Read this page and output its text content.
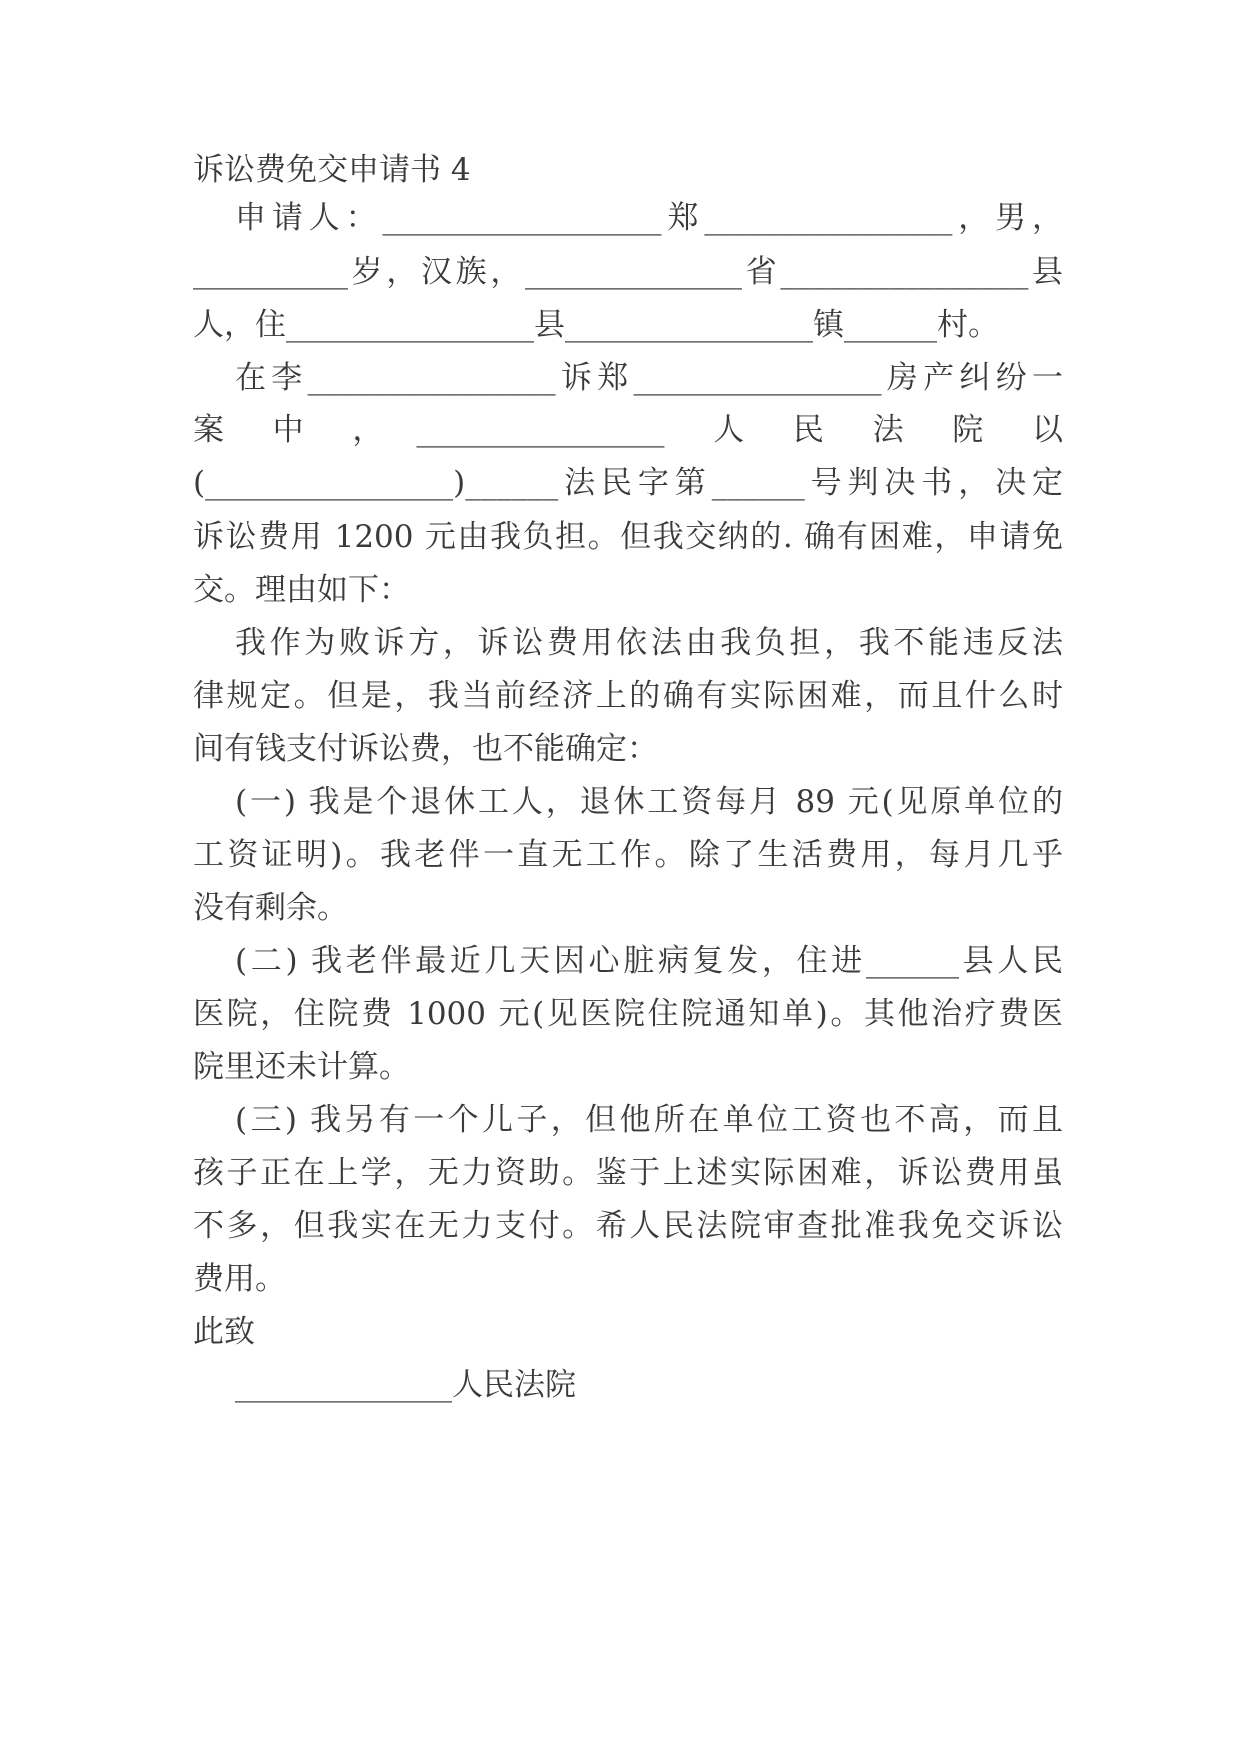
诉讼费免交申请书 4
申请人：__________________郑________________，男，
__________岁，汉族，______________省________________县
人，住________________县________________镇______村。
在李________________诉郑________________房产纠纷一
案　中　，　________________　人　民　法　院　以
(________________)______法民字第______号判决书，决定
诉讼费用 1200 元由我负担。但我交纳的. 确有困难，申请免
交。理由如下：
我作为败诉方，诉讼费用依法由我负担，我不能违反法
律规定。但是，我当前经济上的确有实际困难，而且什么时
间有钱支付诉讼费，也不能确定：
(一) 我是个退休工人，退休工资每月 89 元(见原单位的
工资证明)。我老伴一直无工作。除了生活费用，每月几乎
没有剩余。
(二) 我老伴最近几天因心脏病复发，住进______县人民
医院，住院费 1000 元(见医院住院通知单)。其他治疗费医
院里还未计算。
(三) 我另有一个儿子，但他所在单位工资也不高，而且
孩子正在上学，无力资助。鉴于上述实际困难，诉讼费用虽
不多，但我实在无力支付。希人民法院审查批准我免交诉讼
费用。
此致
______________人民法院
